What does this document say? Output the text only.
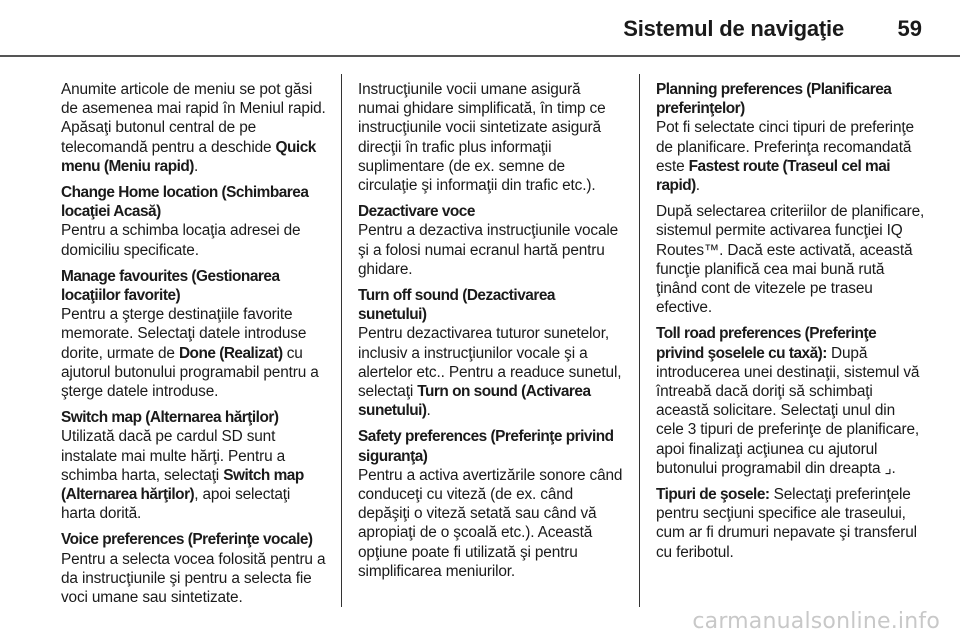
Sistemul de navigaţie 59
Anumite articole de meniu se pot găsi de asemenea mai rapid în Meniul rapid. Apăsaţi butonul central de pe telecomandă pentru a deschide Quick menu (Meniu rapid).
Change Home location (Schimbarea locaţiei Acasă)
Pentru a schimba locaţia adresei de domiciliu specificate.
Manage favourites (Gestionarea locaţiilor favorite)
Pentru a şterge destinaţiile favorite memorate. Selectaţi datele introduse dorite, urmate de Done (Realizat) cu ajutorul butonului programabil pentru a şterge datele introduse.
Switch map (Alternarea hărţilor)
Utilizată dacă pe cardul SD sunt instalate mai multe hărţi. Pentru a schimba harta, selectaţi Switch map (Alternarea hărţilor), apoi selectaţi harta dorită.
Voice preferences (Preferinţe vocale)
Pentru a selecta vocea folosită pentru a da instrucţiunile şi pentru a selecta fie voci umane sau sintetizate.
Instrucţiunile vocii umane asigură numai ghidare simplificată, în timp ce instrucţiunile vocii sintetizate asigură direcţii în trafic plus informaţii suplimentare (de ex. semne de circulaţie şi informaţii din trafic etc.).
Dezactivare voce
Pentru a dezactiva instrucţiunile vocale şi a folosi numai ecranul hartă pentru ghidare.
Turn off sound (Dezactivarea sunetului)
Pentru dezactivarea tuturor sunetelor, inclusiv a instrucţiunilor vocale şi a alertelor etc.. Pentru a readuce sunetul, selectaţi Turn on sound (Activarea sunetului).
Safety preferences (Preferinţe privind siguranţa)
Pentru a activa avertizările sonore când conduceţi cu viteză (de ex. când depăşiţi o viteză setată sau când vă apropiaţi de o şcoală etc.). Această opţiune poate fi utilizată şi pentru simplificarea meniurilor.
Planning preferences (Planificarea preferinţelor)
Pot fi selectate cinci tipuri de preferinţe de planificare. Preferinţa recomandată este Fastest route (Traseul cel mai rapid).
După selectarea criteriilor de planificare, sistemul permite activarea funcţiei IQ Routes™. Dacă este activată, această funcţie planifică cea mai bună rută ţinând cont de vitezele pe traseu efective.
Toll road preferences (Preferinţe privind şoselele cu taxă): După introducerea unei destinaţii, sistemul vă întreabă dacă doriţi să schimbaţi această solicitare. Selectaţi unul din cele 3 tipuri de preferinţe de planificare, apoi finalizaţi acţiunea cu ajutorul
butonului programabil din dreapta ⌟.
Tipuri de şosele: Selectaţi preferinţele pentru secţiuni specifice ale traseului, cum ar fi drumuri nepavate şi transferul cu feribotul.
carmanualsonline.info
